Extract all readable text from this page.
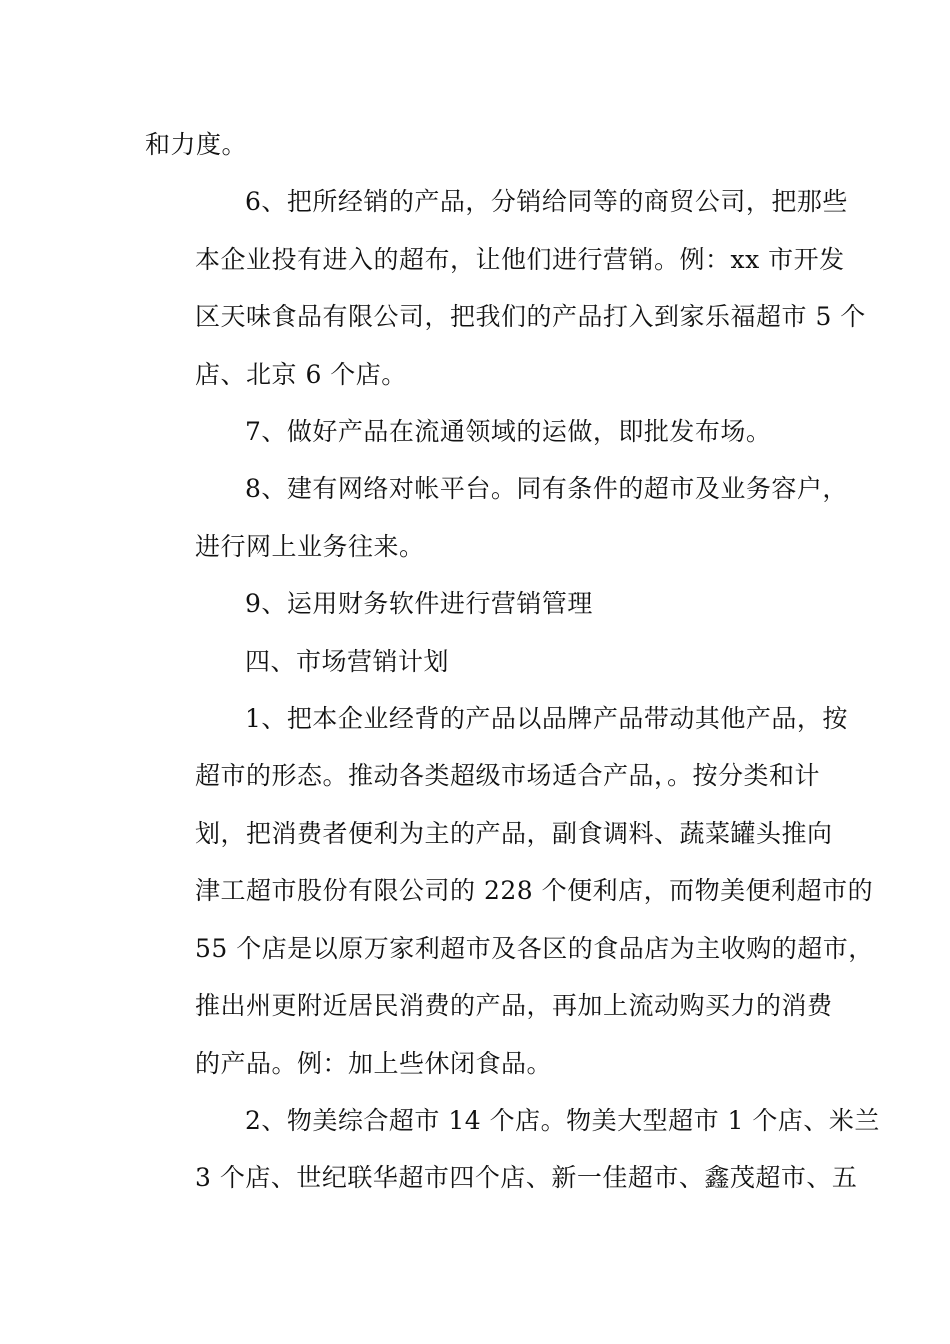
和力度。
6、把所经销的产品，分销给同等的商贸公司，把那些
本企业投有进入的超布，让他们进行营销。例：xx 市开发
区天味食品有限公司，把我们的产品打入到家乐福超市 5 个
店、北京 6 个店。
7、做好产品在流通领域的运做，即批发布场。
8、建有网络对帐平台。同有条件的超市及业务容户，
进行网上业务往来。
9、运用财务软件进行营销管理
四、市场营销计划
1、把本企业经背的产品以品牌产品带动其他产品，按
超市的形态。推动各类超级市场适合产品，。按分类和计
划，把消费者便利为主的产品，副食调料、蔬菜罐头推向
津工超市股份有限公司的 228 个便利店，而物美便利超市的
55 个店是以原万家利超市及各区的食品店为主收购的超市，
推出州更附近居民消费的产品，再加上流动购买力的消费
的产品。例：加上些休闭食品。
2、物美综合超市 14 个店。物美大型超市 1 个店、米兰
3 个店、世纪联华超市四个店、新一佳超市、鑫茂超市、五
